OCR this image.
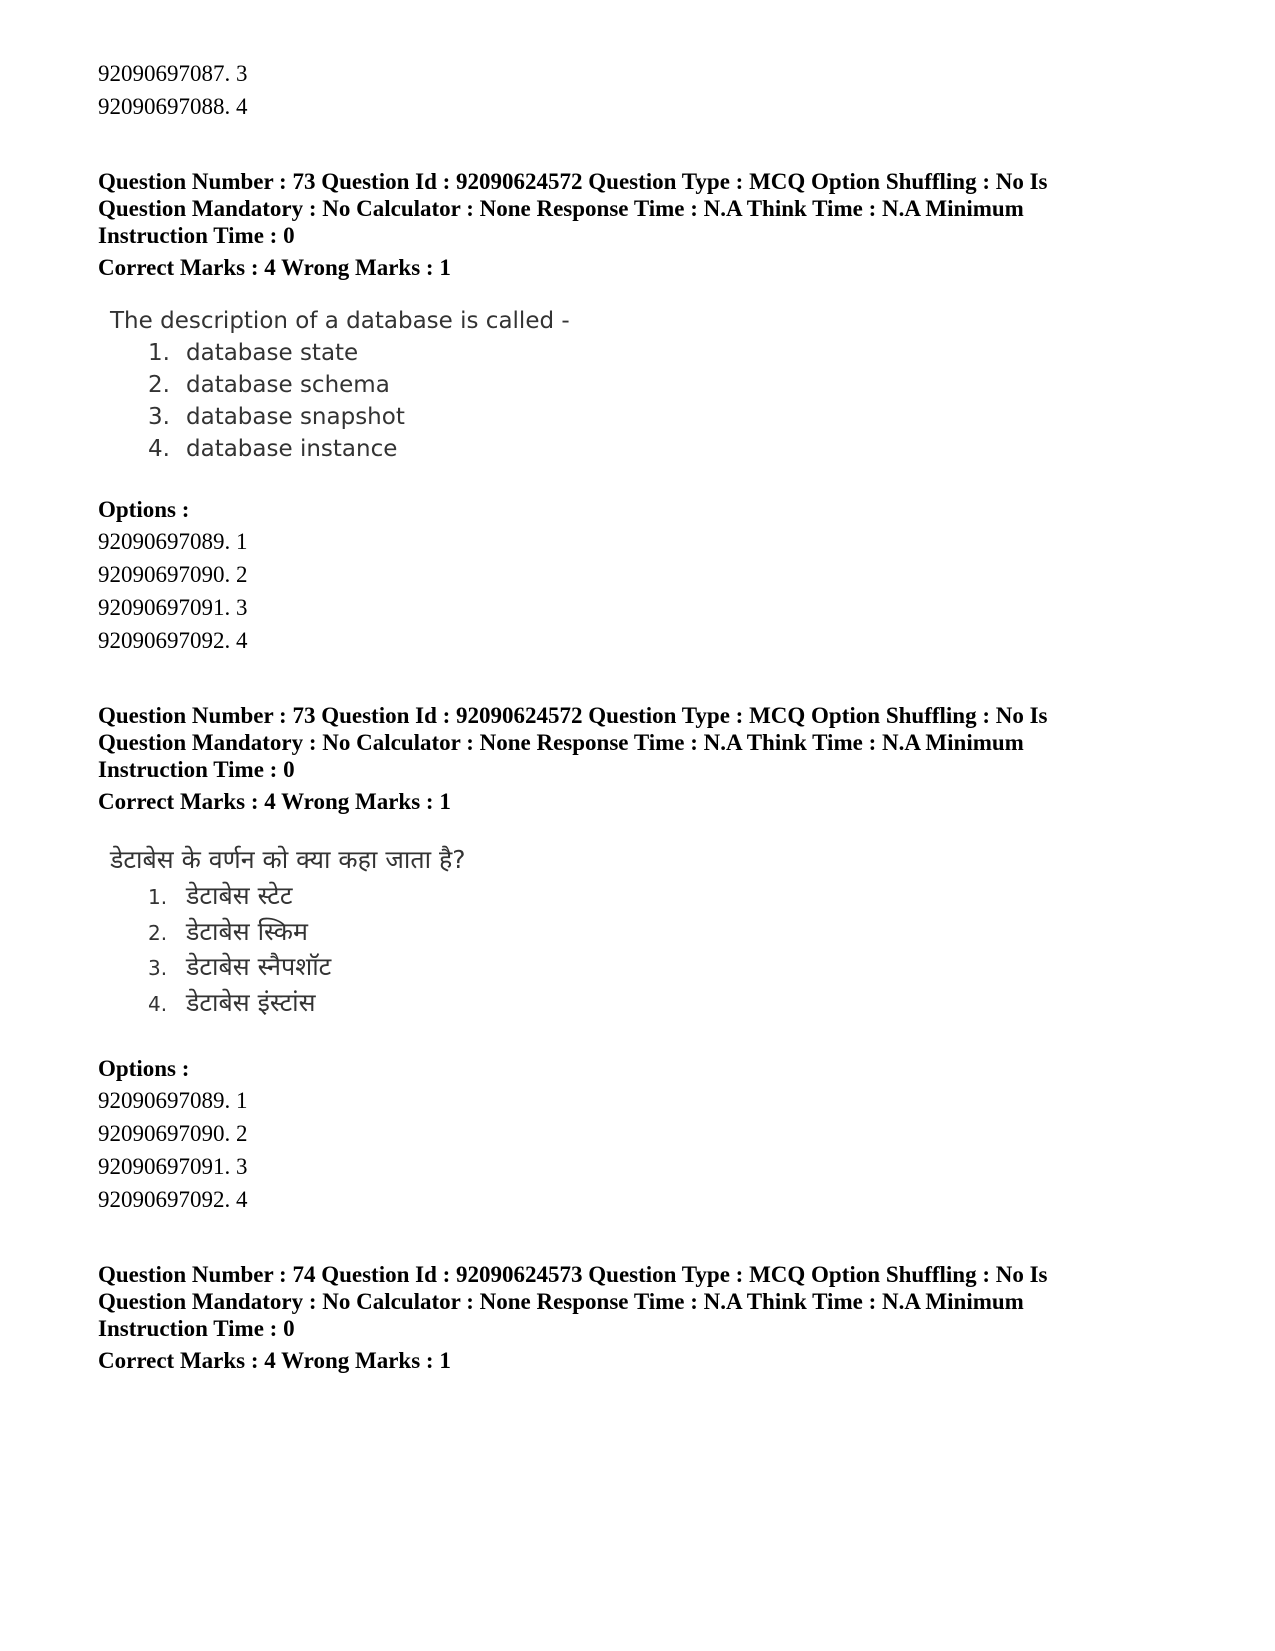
92090697087. 3
92090697088. 4
Question Number : 73 Question Id : 92090624572 Question Type : MCQ Option Shuffling : No Is
Question Mandatory : No Calculator : None Response Time : N.A Think Time : N.A Minimum
Instruction Time : 0
Correct Marks : 4 Wrong Marks : 1
The description of a database is called -
1. database state
2. database schema
3. database snapshot
4. database instance
Options :
92090697089. 1
92090697090. 2
92090697091. 3
92090697092. 4
Question Number : 73 Question Id : 92090624572 Question Type : MCQ Option Shuffling : No Is
Question Mandatory : No Calculator : None Response Time : N.A Think Time : N.A Minimum
Instruction Time : 0
Correct Marks : 4 Wrong Marks : 1
डेटाबेस के वर्णन को क्या कहा जाता है?
1. डेटाबेस स्टेट
2. डेटाबेस स्किम
3. डेटाबेस स्नैपशॉट
4. डेटाबेस इंस्टांस
Options :
92090697089. 1
92090697090. 2
92090697091. 3
92090697092. 4
Question Number : 74 Question Id : 92090624573 Question Type : MCQ Option Shuffling : No Is
Question Mandatory : No Calculator : None Response Time : N.A Think Time : N.A Minimum
Instruction Time : 0
Correct Marks : 4 Wrong Marks : 1
